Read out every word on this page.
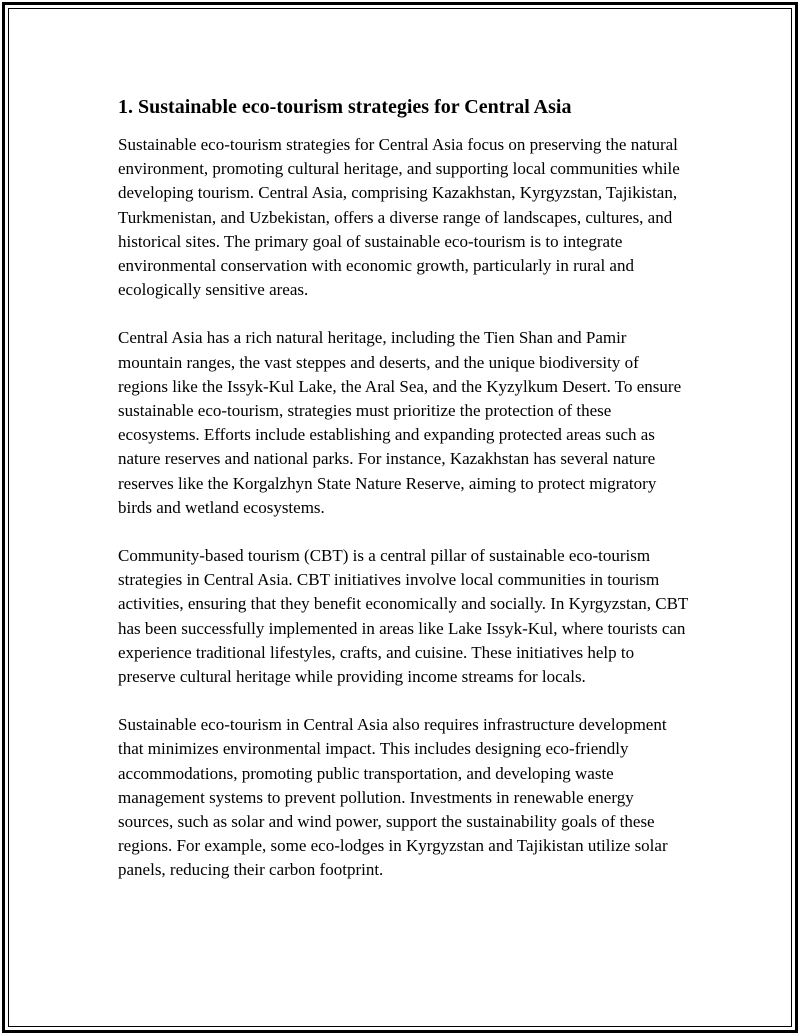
1. Sustainable eco-tourism strategies for Central Asia

Sustainable eco-tourism strategies for Central Asia focus on preserving the natural environment, promoting cultural heritage, and supporting local communities while developing tourism. Central Asia, comprising Kazakhstan, Kyrgyzstan, Tajikistan, Turkmenistan, and Uzbekistan, offers a diverse range of landscapes, cultures, and historical sites. The primary goal of sustainable eco-tourism is to integrate environmental conservation with economic growth, particularly in rural and ecologically sensitive areas.

Central Asia has a rich natural heritage, including the Tien Shan and Pamir mountain ranges, the vast steppes and deserts, and the unique biodiversity of regions like the Issyk-Kul Lake, the Aral Sea, and the Kyzylkum Desert. To ensure sustainable eco-tourism, strategies must prioritize the protection of these ecosystems. Efforts include establishing and expanding protected areas such as nature reserves and national parks. For instance, Kazakhstan has several nature reserves like the Korgalzhyn State Nature Reserve, aiming to protect migratory birds and wetland ecosystems.

Community-based tourism (CBT) is a central pillar of sustainable eco-tourism strategies in Central Asia. CBT initiatives involve local communities in tourism activities, ensuring that they benefit economically and socially. In Kyrgyzstan, CBT has been successfully implemented in areas like Lake Issyk-Kul, where tourists can experience traditional lifestyles, crafts, and cuisine. These initiatives help to preserve cultural heritage while providing income streams for locals.

Sustainable eco-tourism in Central Asia also requires infrastructure development that minimizes environmental impact. This includes designing eco-friendly accommodations, promoting public transportation, and developing waste management systems to prevent pollution. Investments in renewable energy sources, such as solar and wind power, support the sustainability goals of these regions. For example, some eco-lodges in Kyrgyzstan and Tajikistan utilize solar panels, reducing their carbon footprint.
